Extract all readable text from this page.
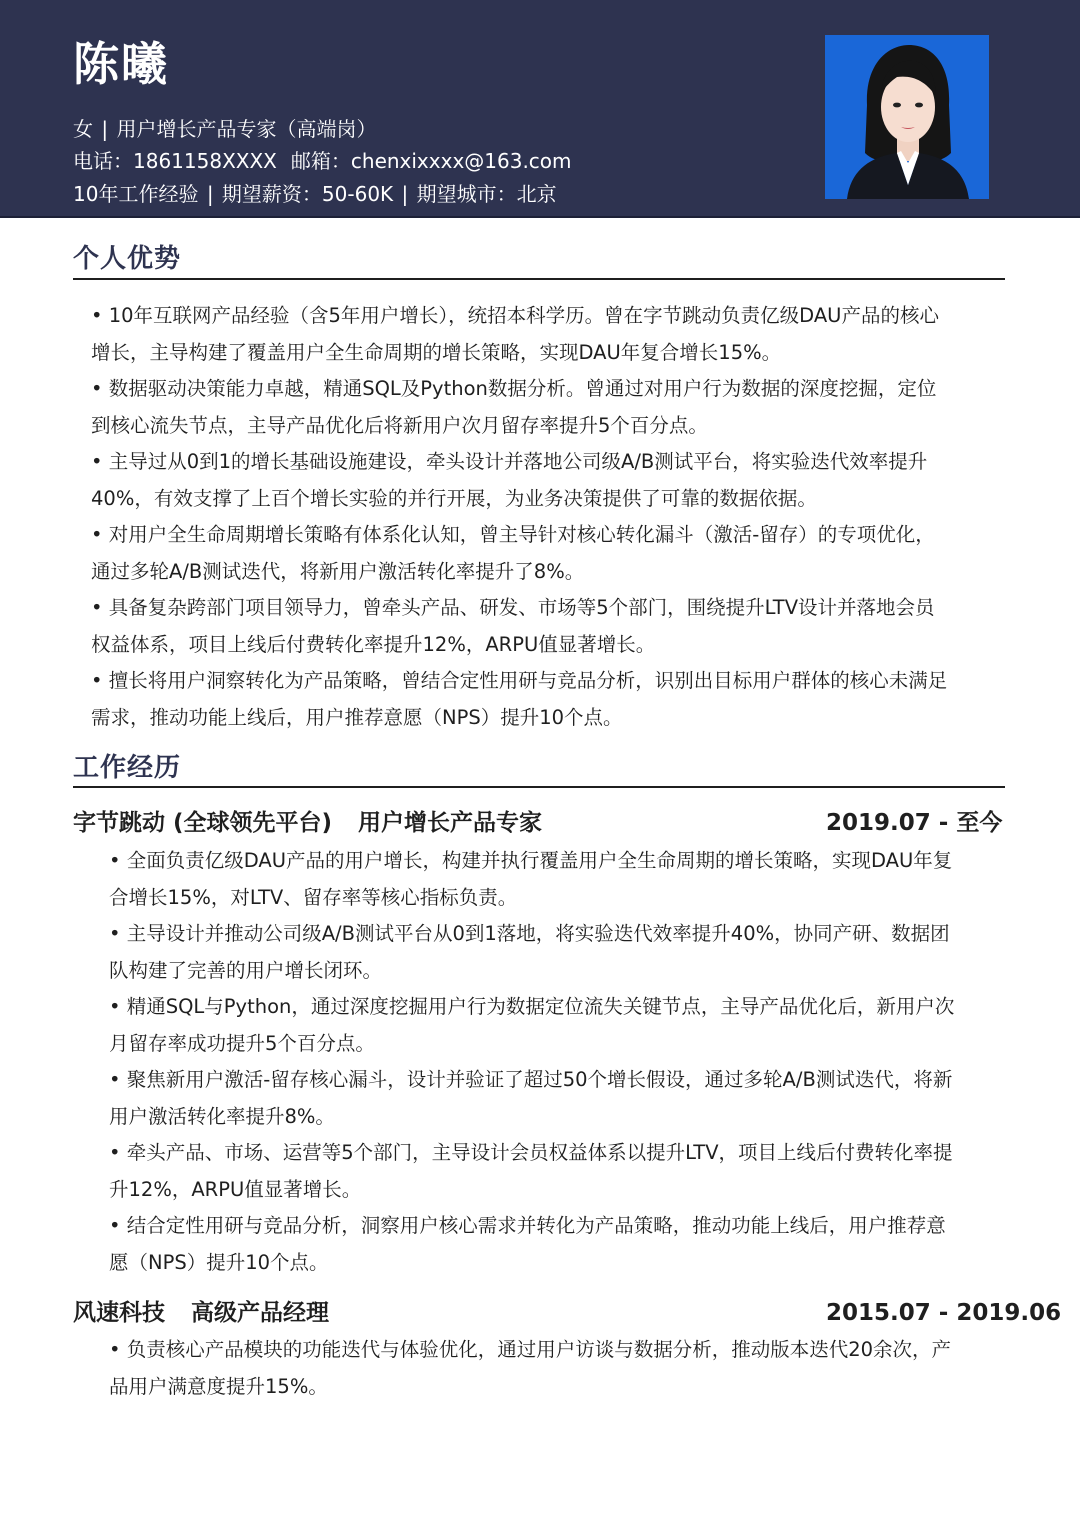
陈曦
女 | 用户增长产品专家（高端岗）
电话：1861158XXXX 邮箱：chenxixxxx@163.com
10年工作经验 | 期望薪资：50-60K | 期望城市：北京
个人优势

• 10年互联网产品经验（含5年用户增长），统招本科学历。曾在字节跳动负责亿级DAU产品的核心增长，主导构建了覆盖用户全生命周期的增长策略，实现DAU年复合增长15%。

• 数据驱动决策能力卓越，精通SQL及Python数据分析。曾通过对用户行为数据的深度挖掘，定位到核心流失节点，主导产品优化后将新用户次月留存率提升5个百分点。

• 主导过从0到1的增长基础设施建设，牵头设计并落地公司级A/B测试平台，将实验迭代效率提升40%，有效支撑了上百个增长实验的并行开展，为业务决策提供了可靠的数据依据。

• 对用户全生命周期增长策略有体系化认知，曾主导针对核心转化漏斗（激活-留存）的专项优化，通过多轮A/B测试迭代，将新用户激活转化率提升了8%。

• 具备复杂跨部门项目领导力，曾牵头产品、研发、市场等5个部门，围绕提升LTV设计并落地会员权益体系，项目上线后付费转化率提升12%，ARPU值显著增长。

• 擅长将用户洞察转化为产品策略，曾结合定性用研与竞品分析，识别出目标用户群体的核心未满足需求，推动功能上线后，用户推荐意愿（NPS）提升10个点。

工作经历
字节跳动 (全球领先平台) 用户增长产品专家	2019.07 - 至今

• 全面负责亿级DAU产品的用户增长，构建并执行覆盖用户全生命周期的增长策略，实现DAU年复合增长15%，对LTV、留存率等核心指标负责。

• 主导设计并推动公司级A/B测试平台从0到1落地，将实验迭代效率提升40%，协同产研、数据团队构建了完善的用户增长闭环。

• 精通SQL与Python，通过深度挖掘用户行为数据定位流失关键节点，主导产品优化后，新用户次月留存率成功提升5个百分点。

• 聚焦新用户激活-留存核心漏斗，设计并验证了超过50个增长假设，通过多轮A/B测试迭代，将新用户激活转化率提升8%。

• 牵头产品、市场、运营等5个部门，主导设计会员权益体系以提升LTV，项目上线后付费转化率提升12%，ARPU值显著增长。

• 结合定性用研与竞品分析，洞察用户核心需求并转化为产品策略，推动功能上线后，用户推荐意愿（NPS）提升10个点。

风速科技 高级产品经理	2015.07 - 2019.06

• 负责核心产品模块的功能迭代与体验优化，通过用户访谈与数据分析，推动版本迭代20余次，产品用户满意度提升15%。
